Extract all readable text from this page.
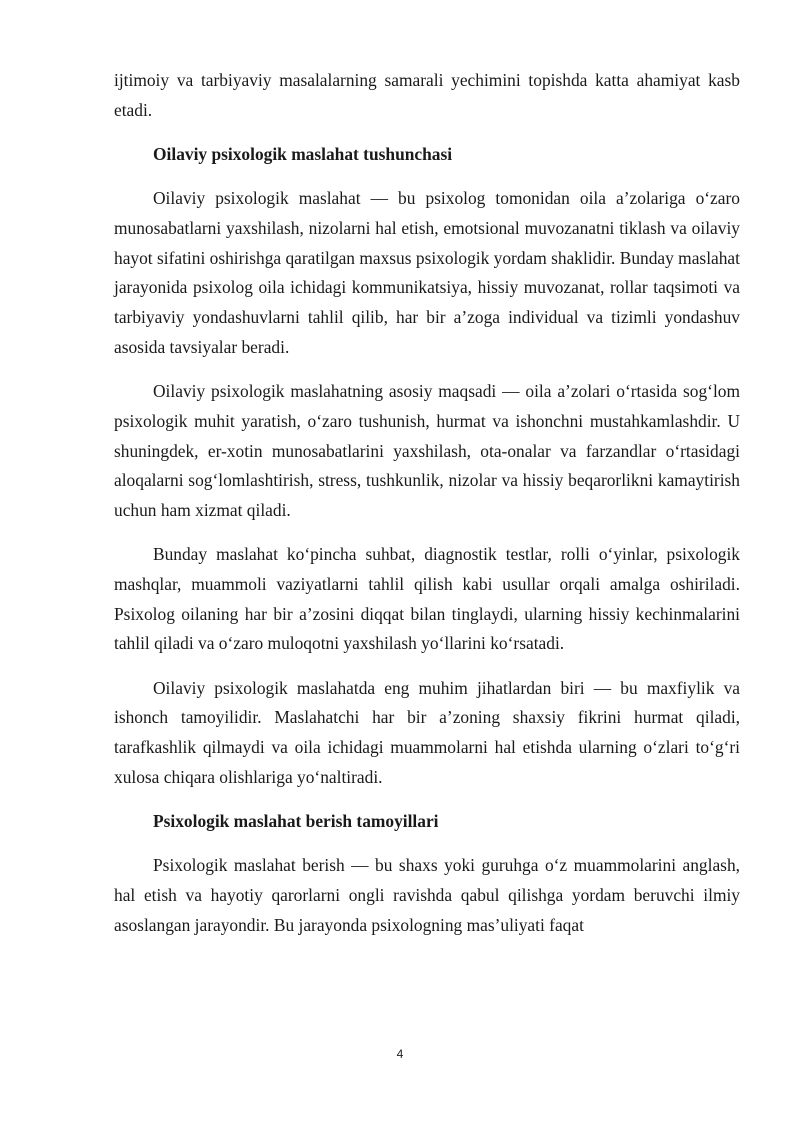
ijtimoiy va tarbiyaviy masalalarning samarali yechimini topishda katta ahamiyat kasb etadi.

Oilaviy psixologik maslahat tushunchasi

Oilaviy psixologik maslahat — bu psixolog tomonidan oila a’zolariga o‘zaro munosabatlarni yaxshilash, nizolarni hal etish, emotsional muvozanatni tiklash va oilaviy hayot sifatini oshirishga qaratilgan maxsus psixologik yordam shaklidir. Bunday maslahat jarayonida psixolog oila ichidagi kommunikatsiya, hissiy muvozanat, rollar taqsimoti va tarbiyaviy yondashuvlarni tahlil qilib, har bir a’zoga individual va tizimli yondashuv asosida tavsiyalar beradi.

Oilaviy psixologik maslahatning asosiy maqsadi — oila a’zolari o‘rtasida sog‘lom psixologik muhit yaratish, o‘zaro tushunish, hurmat va ishonchni mustahkamlashdir. U shuningdek, er-xotin munosabatlarini yaxshilash, ota-onalar va farzandlar o‘rtasidagi aloqalarni sog‘lomlashtirish, stress, tushkunlik, nizolar va hissiy beqarorlikni kamaytirish uchun ham xizmat qiladi.

Bunday maslahat ko‘pincha suhbat, diagnostik testlar, rolli o‘yinlar, psixologik mashqlar, muammoli vaziyatlarni tahlil qilish kabi usullar orqali amalga oshiriladi. Psixolog oilaning har bir a’zosini diqqat bilan tinglaydi, ularning hissiy kechinmalarini tahlil qiladi va o‘zaro muloqotni yaxshilash yo‘llarini ko‘rsatadi.

Oilaviy psixologik maslahatda eng muhim jihatlardan biri — bu maxfiylik va ishonch tamoyilidir. Maslahatchi har bir a’zoning shaxsiy fikrini hurmat qiladi, tarafkashlik qilmaydi va oila ichidagi muammolarni hal etishda ularning o‘zlari to‘g‘ri xulosa chiqara olishlariga yo‘naltiradi.

Psixologik maslahat berish tamoyillari

Psixologik maslahat berish — bu shaxs yoki guruhga o‘z muammolarini anglash, hal etish va hayotiy qarorlarni ongli ravishda qabul qilishga yordam beruvchi ilmiy asoslangan jarayondir. Bu jarayonda psixologning mas’uliyati faqat

4
